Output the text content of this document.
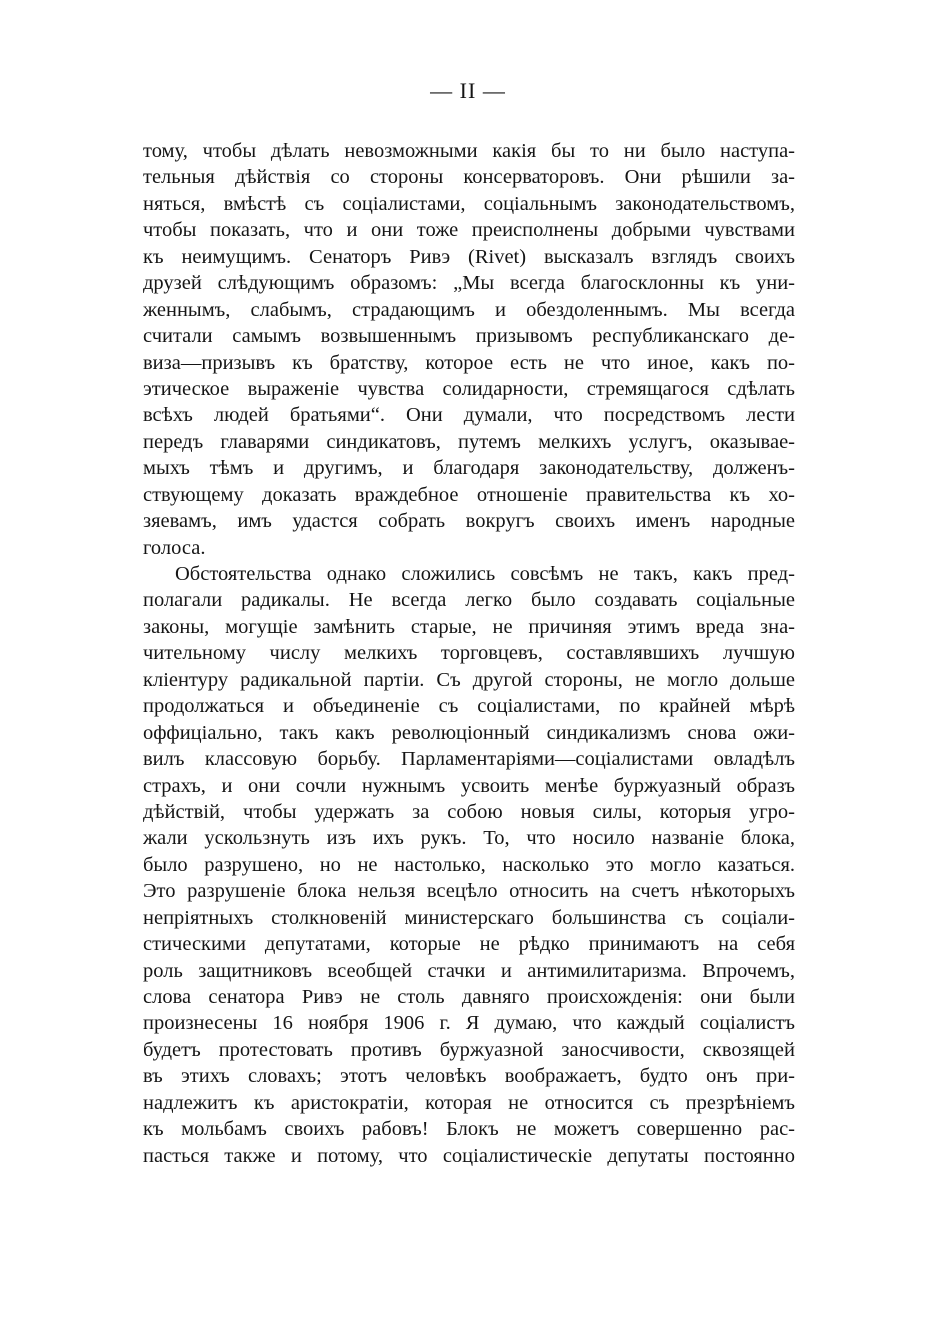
— II —
тому, чтобы дѣлать невозможными какія бы то ни было наступа-
тельныя дѣйствія со стороны консерваторовъ. Они рѣшили за-
няться, вмѣстѣ съ соціалистами, соціальнымъ законодательствомъ,
чтобы показать, что и они тоже преисполнены добрыми чувствами
къ неимущимъ. Сенаторъ Ривэ (Rivet) высказалъ взглядъ своихъ
друзей слѣдующимъ образомъ: „Мы всегда благосклонны къ уни-
женнымъ, слабымъ, страдающимъ и обездоленнымъ. Мы всегда
считали самымъ возвышеннымъ призывомъ республиканскаго де-
виза—призывъ къ братству, которое есть не что иное, какъ по-
этическое выраженіе чувства солидарности, стремящагося сдѣлать
всѣхъ людей братьями“. Они думали, что посредствомъ лести
передъ главарями синдикатовъ, путемъ мелкихъ услугъ, оказывае-
мыхъ тѣмъ и другимъ, и благодаря законодательству, долженъ-
ствующему доказать враждебное отношеніе правительства къ хо-
зяевамъ, имъ удастся собрать вокругъ своихъ именъ народные
голоса.
Обстоятельства однако сложились совсѣмъ не такъ, какъ пред-
полагали радикалы. Не всегда легко было создавать соціальные
законы, могущіе замѣнить старые, не причиняя этимъ вреда зна-
чительному числу мелкихъ торговцевъ, составлявшихъ лучшую
кліентуру радикальной партіи. Съ другой стороны, не могло дольше
продолжаться и объединеніе съ соціалистами, по крайней мѣрѣ
оффиціально, такъ какъ революціонный синдикализмъ снова ожи-
вилъ классовую борьбу. Парламентаріями—соціалистами овладѣлъ
страхъ, и они сочли нужнымъ усвоить менѣе буржуазный образъ
дѣйствій, чтобы удержать за собою новыя силы, которыя угро-
жали ускользнуть изъ ихъ рукъ. То, что носило названіе блока,
было разрушено, но не настолько, насколько это могло казаться.
Это разрушеніе блока нельзя всецѣло относить на счетъ нѣкоторыхъ
непріятныхъ столкновеній министерскаго большинства съ соціали-
стическими депутатами, которые не рѣдко принимаютъ на себя
роль защитниковъ всеобщей стачки и антимилитаризма. Впрочемъ,
слова сенатора Ривэ не столь давняго происхожденія: они были
произнесены 16 ноября 1906 г. Я думаю, что каждый соціалистъ
будетъ протестовать противъ буржуазной заносчивости, сквозящей
въ этихъ словахъ; этотъ человѣкъ воображаетъ, будто онъ при-
надлежитъ къ аристократіи, которая не относится съ презрѣніемъ
къ мольбамъ своихъ рабовъ! Блокъ не можетъ совершенно рас-
пасться также и потому, что соціалистическіе депутаты постоянно
